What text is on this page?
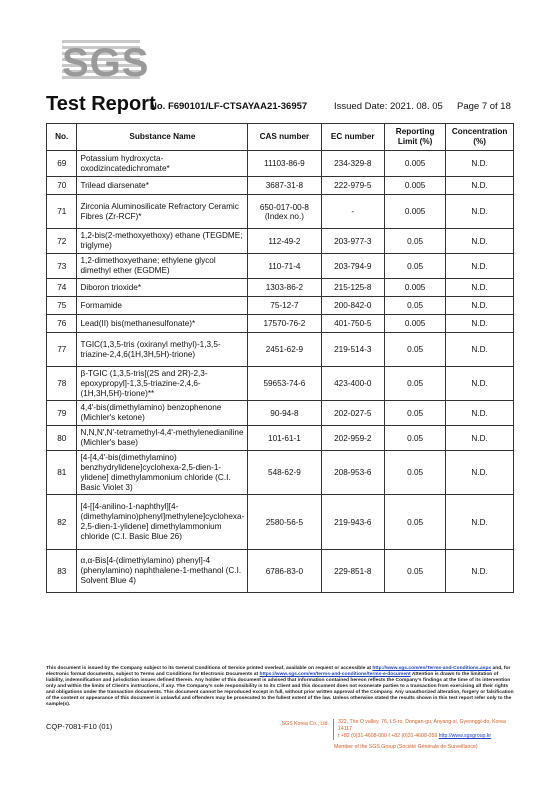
SGS
Test Report
No. F690101/LF-CTSAYAA21-36957	Issued Date: 2021. 08. 05 Page 7 of 18
No.	Substance Name	CAS number	EC number	Reporting Limit (%)	Concentration (%)
69	Potassium hydroxycta-oxodizincatedichromate*	11103-86-9	234-329-8	0.005	N.D.
70	Trilead diarsenate*	3687-31-8	222-979-5	0.005	N.D.
71	Zirconia Aluminosilicate Refractory Ceramic Fibres (Zr-RCF)*	650-017-00-8 (Index no.)	-	0.005	N.D.
72	1,2-bis(2-methoxyethoxy) ethane (TEGDME; triglyme)	112-49-2	203-977-3	0.05	N.D.
73	1,2-dimethoxyethane; ethylene glycol dimethyl ether (EGDME)	110-71-4	203-794-9	0.05	N.D.
74	Diboron trioxide*	1303-86-2	215-125-8	0.005	N.D.
75	Formamide	75-12-7	200-842-0	0.05	N.D.
76	Lead(II) bis(methanesulfonate)*	17570-76-2	401-750-5	0.005	N.D.
77	TGIC(1,3,5-tris (oxiranyl methyl)-1,3,5-triazine-2,4,6(1H,3H,5H)-trione)	2451-62-9	219-514-3	0.05	N.D.
78	β-TGIC (1,3,5-tris[(2S and 2R)-2,3-epoxypropyl]-1,3,5-triazine-2,4,6-(1H,3H,5H)-trione)**	59653-74-6	423-400-0	0.05	N.D.
79	4,4'-bis(dimethylamino) benzophenone (Michler's ketone)	90-94-8	202-027-5	0.05	N.D.
80	N,N,N',N'-tetramethyl-4,4'-methylenedianiline (Michler's base)	101-61-1	202-959-2	0.05	N.D.
81	[4-[4,4'-bis(dimethylamino) benzhydrylidene]cyclohexa-2,5-dien-1-ylidene] dimethylammonium chloride (C.I. Basic Violet 3)	548-62-9	208-953-6	0.05	N.D.
82	[4-[[4-anilino-1-naphthyl][4-(dimethylamino)phenyl]methylene]cyclohexa-2,5-dien-1-ylidene] dimethylammonium chloride (C.I. Basic Blue 26)	2580-56-5	219-943-6	0.05	N.D.
83	α,α-Bis[4-(dimethylamino) phenyl]-4 (phenylamino) naphthalene-1-methanol (C.I. Solvent Blue 4)	6786-83-0	229-851-8	0.05	N.D.
This document is issued by the Company subject to its General Conditions of Service printed overleaf, available on request or accessible at http://www.sgs.com/en/Terms-and-Conditions.aspx and, for electronic format documents, subject to Terms and Conditions for Electronic Documents at https://www.sgs.com/en/terms-and-conditions/terms-e-document Attention is drawn to the limitation of liability, indemnification and jurisdiction issues defined therein. Any holder of this document is advised that information contained hereon reflects the Company's findings at the time of its intervention only and within the limits of Client's instructions, if any. The Company's sole responsibility is to its Client and this document does not exonerate parties to a transaction from exercising all their rights and obligations under the transaction documents. This document cannot be reproduced except in full, without prior written approval of the Company. Any unauthorized alteration, forgery or falsification of the content or appearance of this document is unlawful and offenders may be prosecuted to the fullest extent of the law. Unless otherwise stated the results shown in this test report refer only to the sample(s).
CQP-7081-F10 (01)	SGS Korea Co., Ltd. 322, The O valley, 76, LS-ro, Dongan-gu, Anyang-si, Gyeonggi-do, Korea 14117
t +82 (0)31-4608-000 f +82 (0)31-4608-059 http://www.sgsgroup.kr
Member of the SGS Group (Société Générale de Surveillance)
